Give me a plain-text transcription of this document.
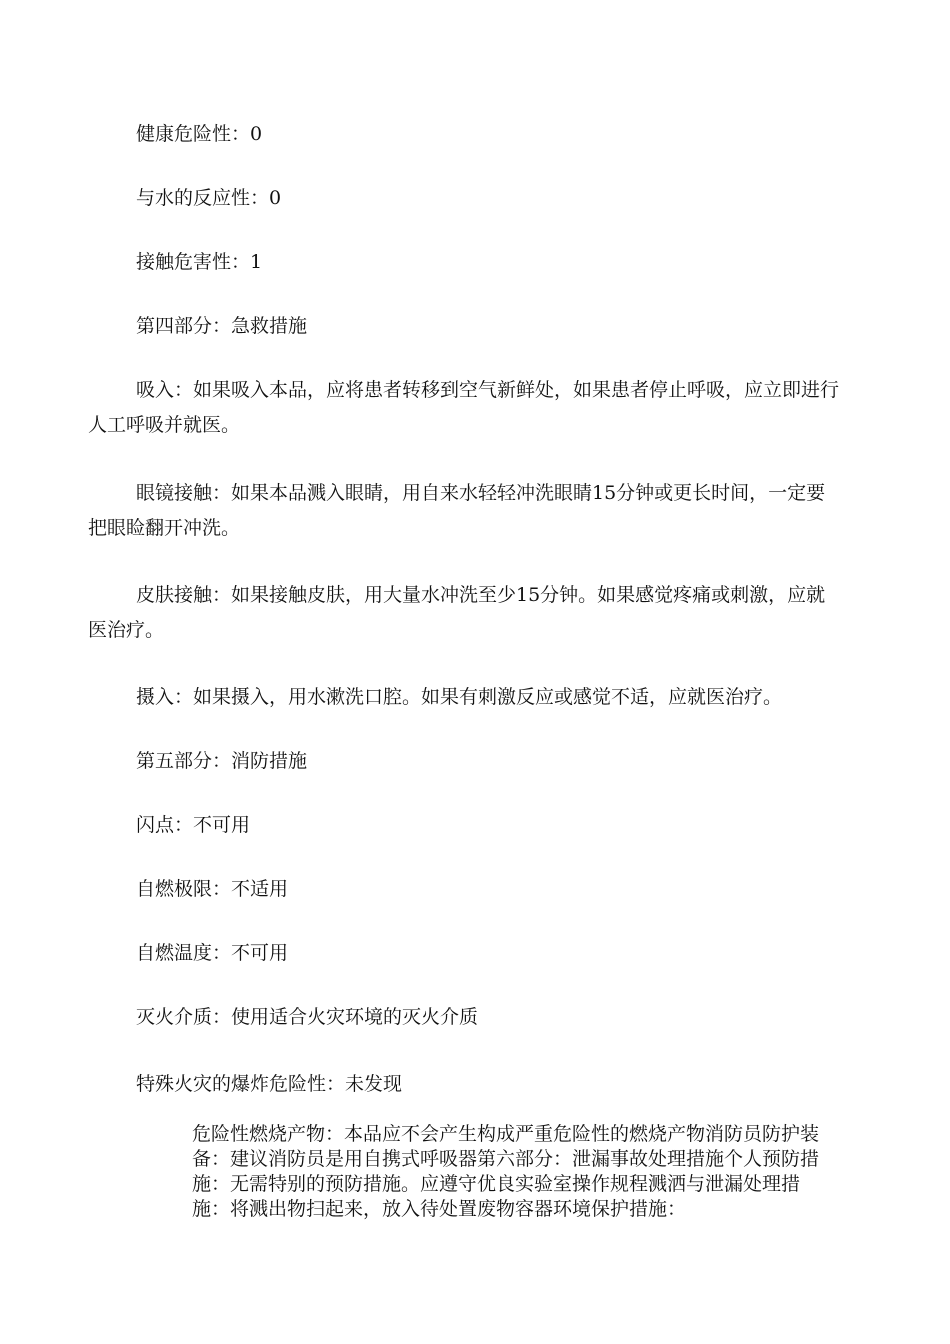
健康危险性：0

与水的反应性：0

接触危害性：1

第四部分：急救措施

吸入：如果吸入本品，应将患者转移到空气新鲜处，如果患者停止呼吸，应立即进行人工呼吸并就医。

眼镜接触：如果本品溅入眼睛，用自来水轻轻冲洗眼睛15分钟或更长时间，一定要把眼睑翻开冲洗。

皮肤接触：如果接触皮肤，用大量水冲洗至少15分钟。如果感觉疼痛或刺激，应就医治疗。

摄入：如果摄入，用水漱洗口腔。如果有刺激反应或感觉不适，应就医治疗。

第五部分：消防措施

闪点：不可用

自燃极限：不适用

自燃温度：不可用

灭火介质：使用适合火灾环境的灭火介质

特殊火灾的爆炸危险性：未发现

危险性燃烧产物：本品应不会产生构成严重危险性的燃烧产物消防员防护装备：建议消防员是用自携式呼吸器第六部分：泄漏事故处理措施个人预防措施：无需特别的预防措施。应遵守优良实验室操作规程溅洒与泄漏处理措施：将溅出物扫起来，放入待处置废物容器环境保护措施：
